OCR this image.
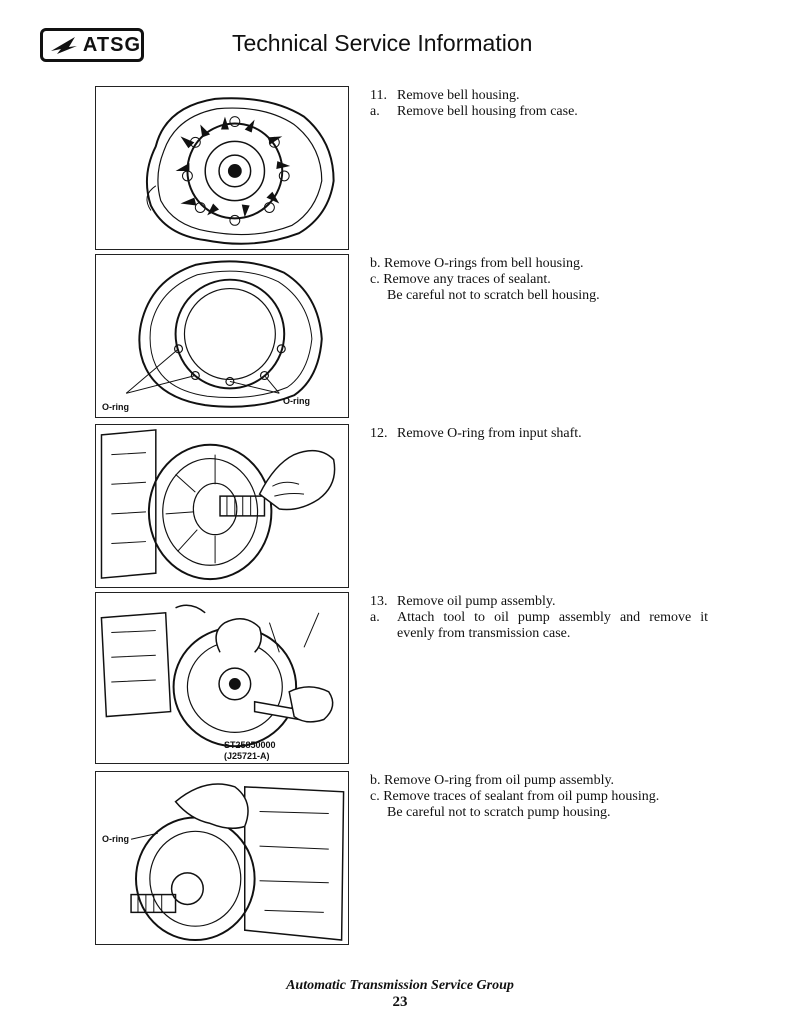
ATSG	Technical Service Information
O-ring
O-ring
ST25850000
(J25721-A)
O-ring
11. Remove bell housing.
a. Remove bell housing from case.
b. Remove O-rings from bell housing.
c. Remove any traces of sealant.
Be careful not to scratch bell housing.
12. Remove O-ring from input shaft.
13. Remove oil pump assembly.
a.	Attach tool to oil pump assembly and remove it
evenly from transmission case.
b. Remove O-ring from oil pump assembly.
c. Remove traces of sealant from oil pump housing.
Be careful not to scratch pump housing.
Automatic Transmission Service Group
23
